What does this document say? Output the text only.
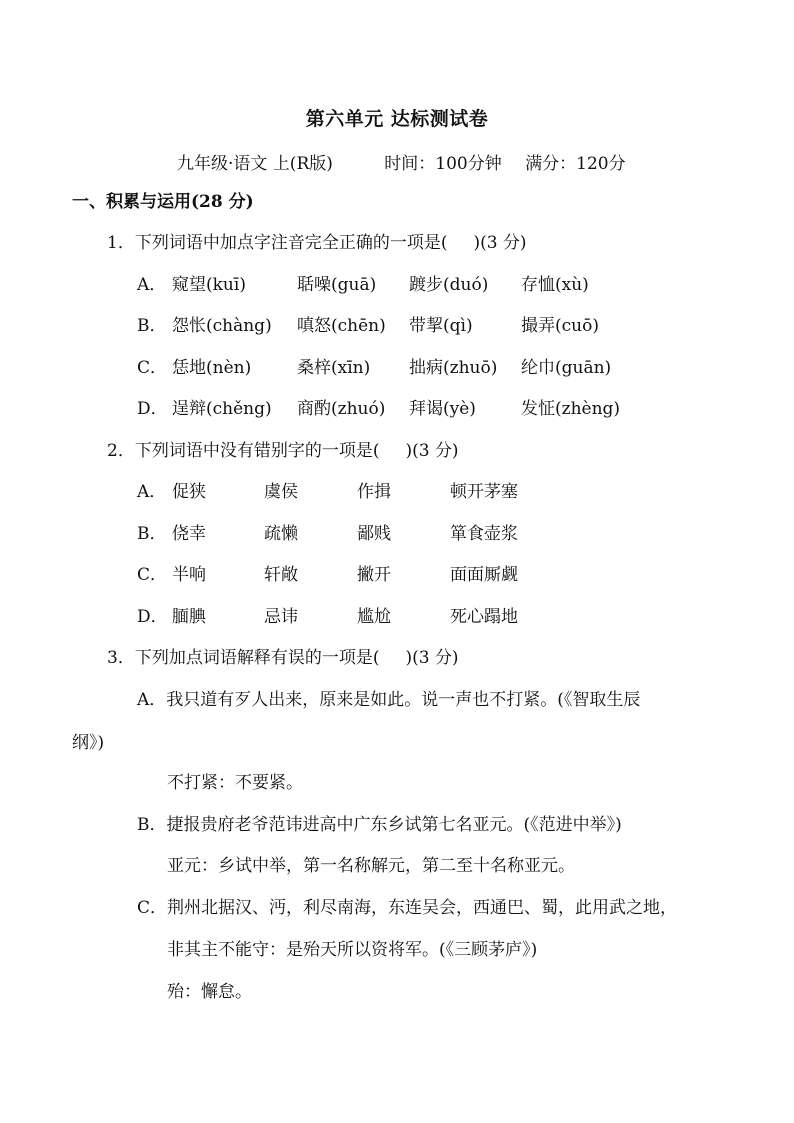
第六单元 达标测试卷
九年级·语文 上(R版)	时间：100分钟 满分：120分
一、积累与运用(28 分)
1．下列词语中加点字注音完全正确的一项是( )(3 分)
A． 窥望(kuī)	聒噪(guā) 踱步(duó) 存恤(xù)
B． 怨怅(chàng) 嗔怒(chēn) 带挈(qì)	撮弄(cuō)
C． 恁地(nèn)	桑梓(xīn) 拙病(zhuō) 纶巾(guān)
D． 逞辩(chěng) 商酌(zhuó) 拜谒(yè)	发怔(zhèng)
2．下列词语中没有错别字的一项是( )(3 分)
A． 促狭	虞侯	作揖	顿开茅塞
B． 侥幸	疏懒	鄙贱	箪食壶浆
C． 半响	轩敞	撇开	面面厮觑
D． 腼腆	忌讳	尴尬	死心蹋地
3．下列加点词语解释有误的一项是( )(3 分)
A．我只道有歹人出来，原来是如此。说一声也不打紧。(《智取生辰
纲》)
不打紧：不要紧。
B．捷报贵府老爷范讳进高中广东乡试第七名亚元。(《范进中举》)
亚元：乡试中举，第一名称解元，第二至十名称亚元。
C．荆州北据汉、沔，利尽南海，东连吴会，西通巴、蜀，此用武之地，
非其主不能守：是殆天所以资将军。(《三顾茅庐》)
殆：懈怠。
